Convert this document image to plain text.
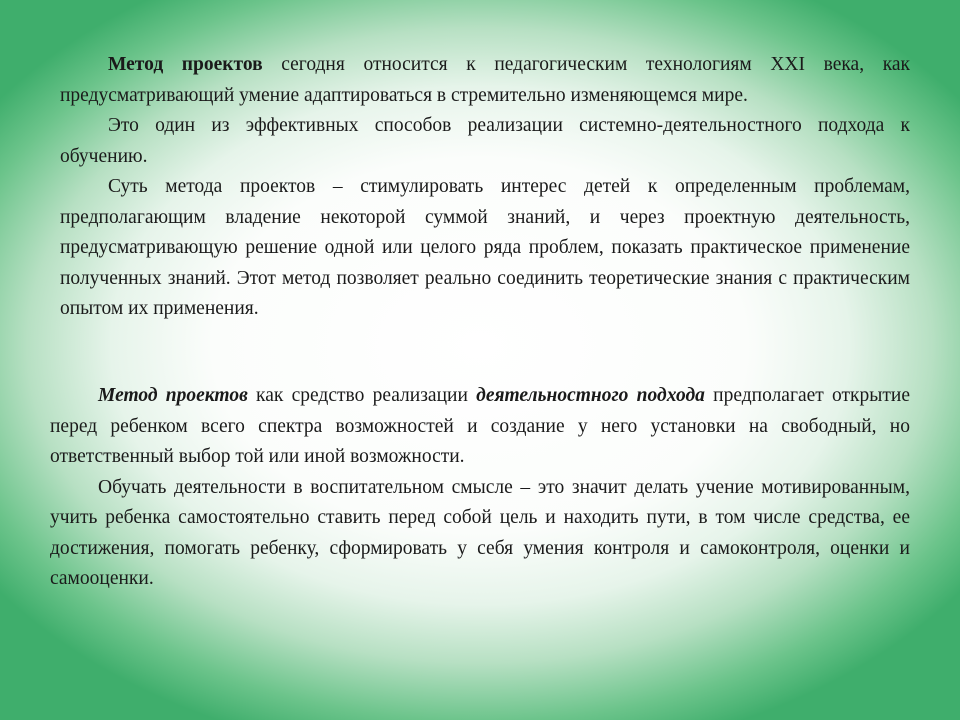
Метод проектов сегодня относится к педагогическим технологиям XXI века, как предусматривающий умение адаптироваться в стремительно изменяющемся мире.

Это один из эффективных способов реализации системно-деятельностного подхода к обучению.

Суть метода проектов – стимулировать интерес детей к определенным проблемам, предполагающим владение некоторой суммой знаний, и через проектную деятельность, предусматривающую решение одной или целого ряда проблем, показать практическое применение полученных знаний. Этот метод позволяет реально соединить теоретические знания с практическим опытом их применения.

Метод проектов как средство реализации деятельностного подхода предполагает открытие перед ребенком всего спектра возможностей и создание у него установки на свободный, но ответственный выбор той или иной возможности.

Обучать деятельности в воспитательном смысле – это значит делать учение мотивированным, учить ребенка самостоятельно ставить перед собой цель и находить пути, в том числе средства, ее достижения, помогать ребенку, сформировать у себя умения контроля и самоконтроля, оценки и самооценки.
